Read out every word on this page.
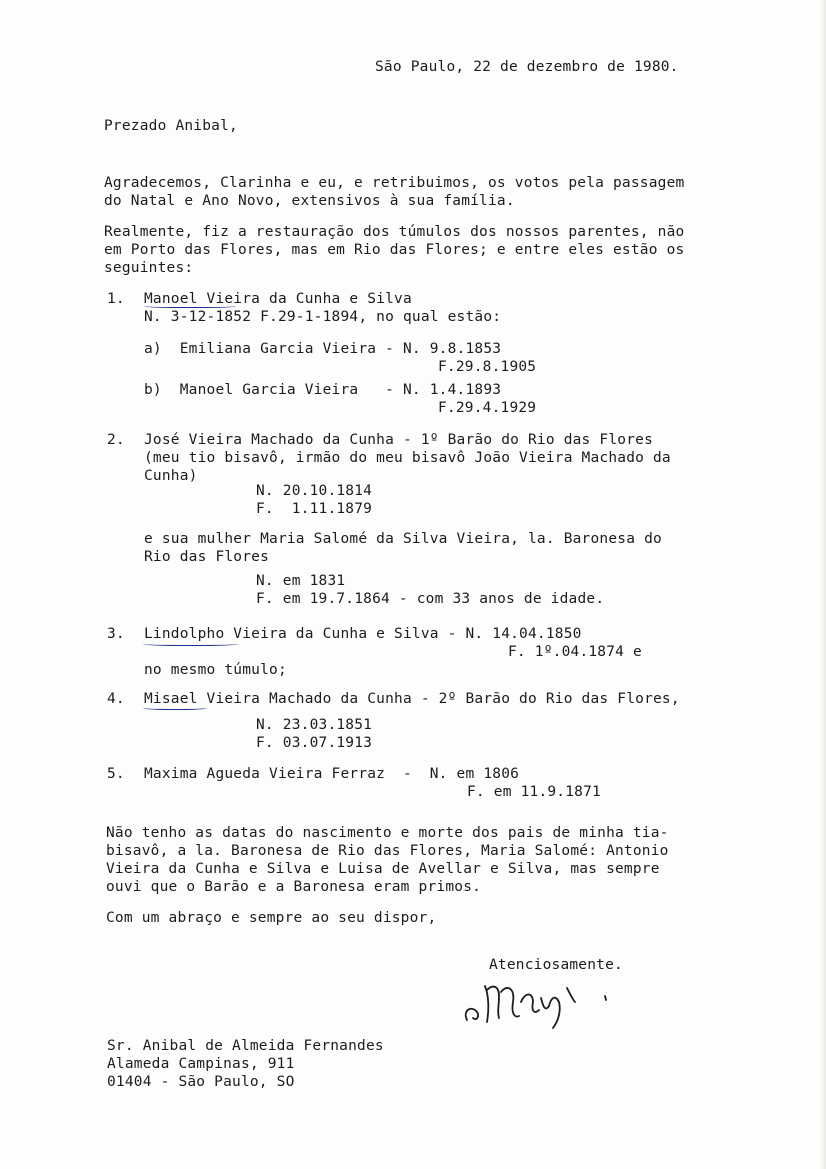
São Paulo, 22 de dezembro de 1980.

Prezado Anibal,

Agradecemos, Clarinha e eu, e retribuimos, os votos pela passagem

do Natal e Ano Novo, extensivos à sua família.

Realmente, fiz a restauração dos túmulos dos nossos parentes, não

em Porto das Flores, mas em Rio das Flores; e entre eles estão os

seguintes:

1. Manoel Vieira da Cunha e Silva

N. 3-12-1852 F.29-1-1894, no qual estão:

a)  Emiliana Garcia Vieira - N. 9.8.1853

F.29.8.1905

b)  Manoel Garcia Vieira   - N. 1.4.1893

F.29.4.1929

2. José Vieira Machado da Cunha - 1º Barão do Rio das Flores

(meu tio bisavô, irmão do meu bisavô João Vieira Machado da

Cunha)

N. 20.10.1814

F.  1.11.1879

e sua mulher Maria Salomé da Silva Vieira, la. Baronesa do

Rio das Flores

N. em 1831

F. em 19.7.1864 - com 33 anos de idade.

3. Lindolpho Vieira da Cunha e Silva - N. 14.04.1850

F. 1º.04.1874 e

no mesmo túmulo;

4. Misael Vieira Machado da Cunha - 2º Barão do Rio das Flores,

N. 23.03.1851

F. 03.07.1913

5. Maxima Agueda Vieira Ferraz  -  N. em 1806

F. em 11.9.1871

Não tenho as datas do nascimento e morte dos pais de minha tia-

bisavô, a la. Baronesa de Rio das Flores, Maria Salomé: Antonio

Vieira da Cunha e Silva e Luisa de Avellar e Silva, mas sempre

ouvi que o Barão e a Baronesa eram primos.

Com um abraço e sempre ao seu dispor,

Atenciosamente.

Sr. Anibal de Almeida Fernandes

Alameda Campinas, 911

01404 - São Paulo, SO
